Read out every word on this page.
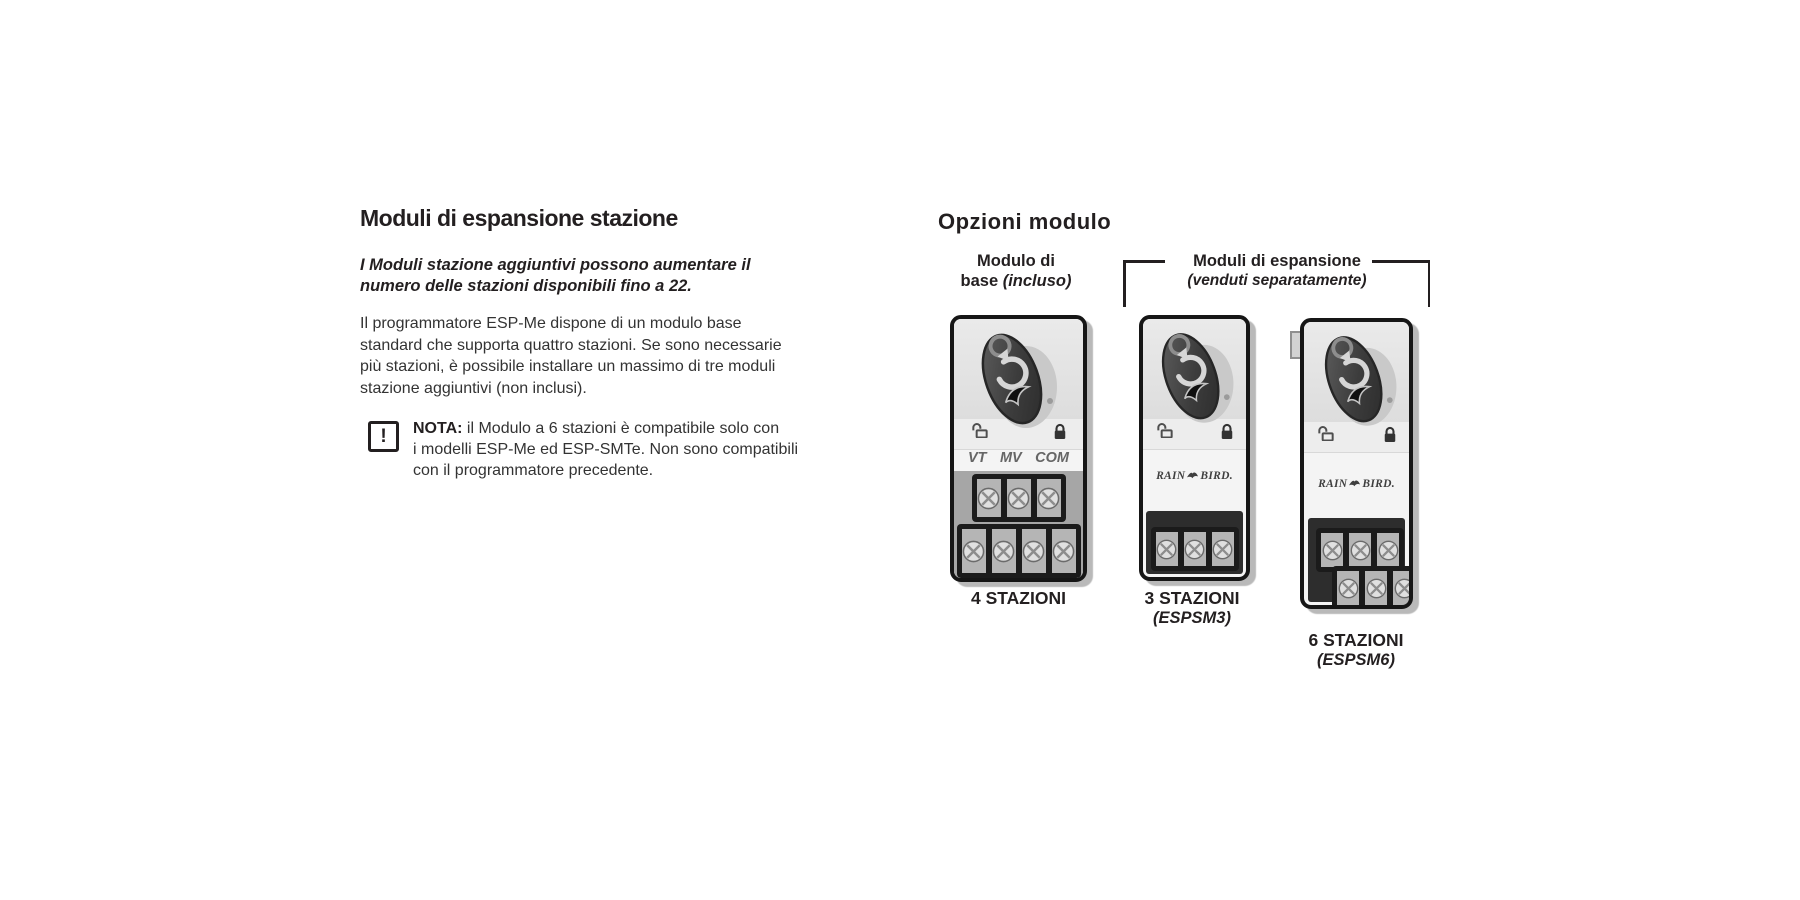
Moduli di espansione stazione
I Moduli stazione aggiuntivi possono aumentare il
numero delle stazioni disponibili fino a 22.
Il programmatore ESP-Me dispone di un modulo base
standard che supporta quattro stazioni. Se sono necessarie
più stazioni, è possibile installare un massimo di tre moduli
stazione aggiuntivi (non inclusi).
!	NOTA: il Modulo a 6 stazioni è compatibile solo con
i modelli ESP-Me ed ESP-SMTe. Non sono compatibili
con il programmatore precedente.
Opzioni modulo
Modulo di
base (incluso)
Moduli di espansione
(venduti separatamente)
VT MV COM
RAIN BIRD.
RAIN BIRD.
4 STAZIONI	3 STAZIONI
(ESPSM3)
6 STAZIONI
(ESPSM6)
